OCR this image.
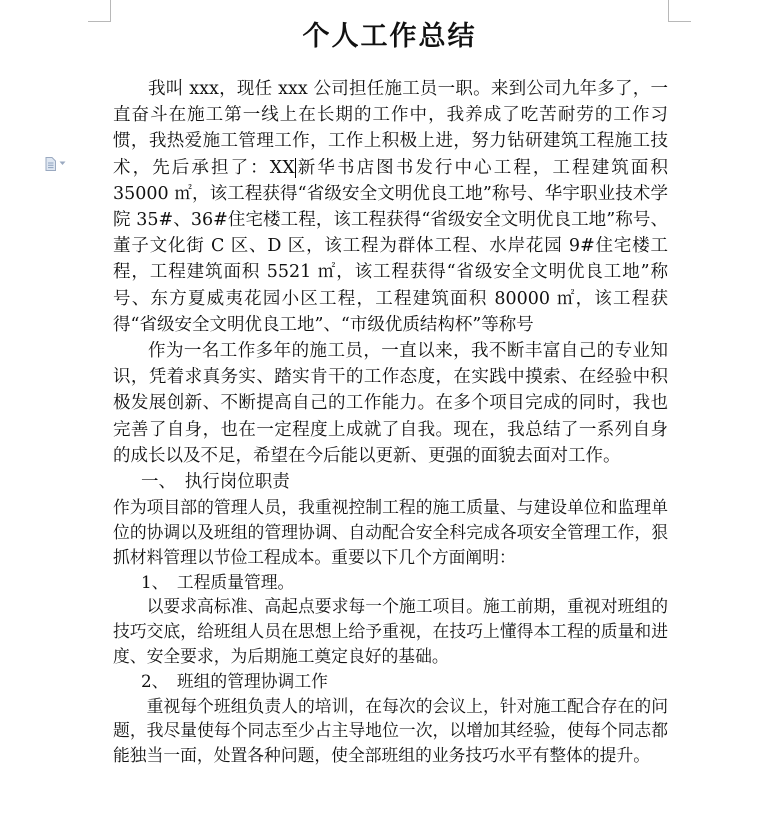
个人工作总结

我叫 xxx，现任 xxx 公司担任施工员一职。来到公司九年多了，一直奋斗在施工第一线上在长期的工作中，我养成了吃苦耐劳的工作习惯，我热爱施工管理工作，工作上积极上进，努力钻研建筑工程施工技术，先后承担了：XX新华书店图书发行中心工程，工程建筑面积 35000 ㎡，该工程获得“省级安全文明优良工地”称号、华宇职业技术学院 35#、36#住宅楼工程，该工程获得“省级安全文明优良工地”称号、董子文化街 C 区、D 区，该工程为群体工程、水岸花园 9#住宅楼工程，工程建筑面积 5521 ㎡，该工程获得“省级安全文明优良工地”称号、东方夏威夷花园小区工程，工程建筑面积 80000 ㎡，该工程获得“省级安全文明优良工地”、“市级优质结构杯”等称号

作为一名工作多年的施工员，一直以来，我不断丰富自己的专业知识，凭着求真务实、踏实肯干的工作态度，在实践中摸索、在经验中积极发展创新、不断提高自己的工作能力。在多个项目完成的同时，我也完善了自身，也在一定程度上成就了自我。现在，我总结了一系列自身的成长以及不足，希望在今后能以更新、更强的面貌去面对工作。

一、　执行岗位职责

作为项目部的管理人员，我重视控制工程的施工质量、与建设单位和监理单位的协调以及班组的管理协调、自动配合安全科完成各项安全管理工作，狠抓材料管理以节俭工程成本。重要以下几个方面阐明：

1、　工程质量管理。

以要求高标准、高起点要求每一个施工项目。施工前期，重视对班组的技巧交底，给班组人员在思想上给予重视，在技巧上懂得本工程的质量和进度、安全要求，为后期施工奠定良好的基础。

2、　班组的管理协调工作

重视每个班组负责人的培训，在每次的会议上，针对施工配合存在的问题，我尽量使每个同志至少占主导地位一次，以增加其经验，使每个同志都能独当一面，处置各种问题，使全部班组的业务技巧水平有整体的提升。
